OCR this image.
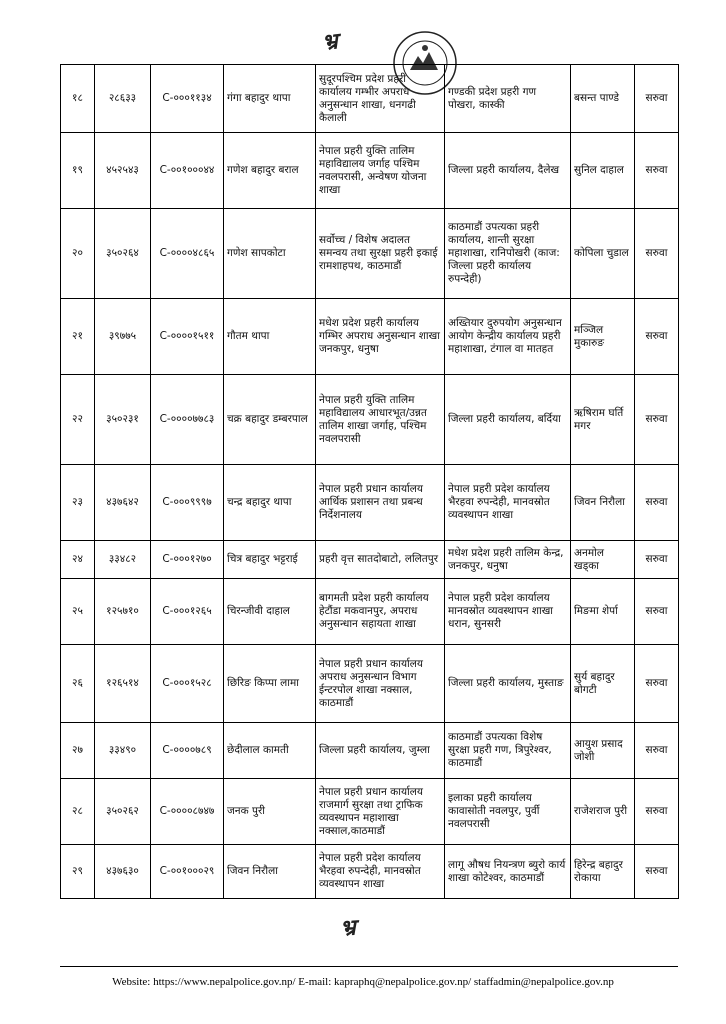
भ्र
१८	२८६३३	C-०००११३४	गंगा बहादुर थापा	सुदूरपश्चिम प्रदेश प्रहरी कार्यालय गम्भीर अपराध अनुसन्धान शाखा, धनगढी कैलाली	गण्डकी प्रदेश प्रहरी गण पोखरा, कास्की	बसन्त पाण्डे	सरुवा
१९	४५२५४३	C-००१०००४४	गणेश बहादुर बराल	नेपाल प्रहरी युक्ति तालिम महाविद्यालय जर्गाह पश्चिम नवलपरासी, अन्वेषण योजना शाखा	जिल्ला प्रहरी कार्यालय, दैलेख	सुनिल दाहाल	सरुवा
२०	३५०२६४	C-००००४८६५	गणेश सापकोटा	सर्वोच्च / विशेष अदालत समन्वय तथा सुरक्षा प्रहरी इकाई रामशाहपथ, काठमाडौं	काठमाडौं उपत्यका प्रहरी कार्यालय, शान्ती सुरक्षा महाशाखा, रानिपोखरी (काज: जिल्ला प्रहरी कार्यालय रुपन्देही)	कोपिला चुडाल	सरुवा
२१	३९७७५	C-००००१५११	गौतम थापा	मधेश प्रदेश प्रहरी कार्यालय गम्भिर अपराध अनुसन्धान शाखा जनकपुर, धनुषा	अख्तियार दुरुपयोग अनुसन्धान आयोग केन्द्रीय कार्यालय प्रहरी महाशाखा, टंगाल वा मातहत	मञ्जिल मुकारुङ	सरुवा
२२	३५०२३१	C-००००७७८३	चक्र बहादुर डम्बरपाल	नेपाल प्रहरी युक्ति तालिम महाविद्यालय आधारभूत/उन्नत तालिम शाखा जर्गाह, पश्चिम नवलपरासी	जिल्ला प्रहरी कार्यालय, बर्दिया	ऋषिराम घर्ति मगर	सरुवा
२३	४३७६४२	C-०००९९९७	चन्द्र बहादुर थापा	नेपाल प्रहरी प्रधान कार्यालय आर्थिक प्रशासन तथा प्रबन्ध निर्देशनालय	नेपाल प्रहरी प्रदेश कार्यालय भैरहवा रुपन्देही, मानवस्रोत व्यवस्थापन शाखा	जिवन निरौला	सरुवा
२४	३३४८२	C-०००१२७०	चित्र बहादुर भट्टराई	प्रहरी वृत्त सातदोबाटो, ललितपुर	मधेश प्रदेश प्रहरी तालिम केन्द्र, जनकपुर, धनुषा	अनमोल खड्का	सरुवा
२५	१२५७१०	C-०००१२६५	चिरन्जीवी दाहाल	बागमती प्रदेश प्रहरी कार्यालय हेटौंडा मकवानपुर, अपराध अनुसन्धान सहायता शाखा	नेपाल प्रहरी प्रदेश कार्यालय मानवस्रोत व्यवस्थापन शाखा धरान, सुनसरी	मिङमा शेर्पा	सरुवा
२६	१२६५१४	C-०००१५२८	छिरिङ किप्पा लामा	नेपाल प्रहरी प्रधान कार्यालय अपराध अनुसन्धान विभाग ईन्टरपोल शाखा नक्साल, काठमाडौं	जिल्ला प्रहरी कार्यालय, मुस्ताङ	सुर्य बहादुर बोगटी	सरुवा
२७	३३४९०	C-००००७८९	छेदीलाल कामती	जिल्ला प्रहरी कार्यालय, जुम्ला	काठमाडौं उपत्यका विशेष सुरक्षा प्रहरी गण, त्रिपुरेश्वर, काठमाडौं	आयुश प्रसाद जोशी	सरुवा
२८	३५०२६२	C-००००८७४७	जनक पुरी	नेपाल प्रहरी प्रधान कार्यालय राजमार्ग सुरक्षा तथा ट्राफिक व्यवस्थापन महाशाखा नक्साल,काठमाडौं	इलाका प्रहरी कार्यालय कावासोती नवलपुर, पुर्वी नवलपरासी	राजेशराज पुरी	सरुवा
२९	४३७६३०	C-००१०००२९	जिवन निरौला	नेपाल प्रहरी प्रदेश कार्यालय भैरहवा रुपन्देही, मानवस्रोत व्यवस्थापन शाखा	लागू औषध नियन्त्रण ब्युरो कार्य शाखा कोटेश्वर, काठमाडौं	हिरेन्द्र बहादुर रोकाया	सरुवा
भ्र
Website: https://www.nepalpolice.gov.np/ E-mail: kapraphq@nepalpolice.gov.np/ staffadmin@nepalpolice.gov.np
